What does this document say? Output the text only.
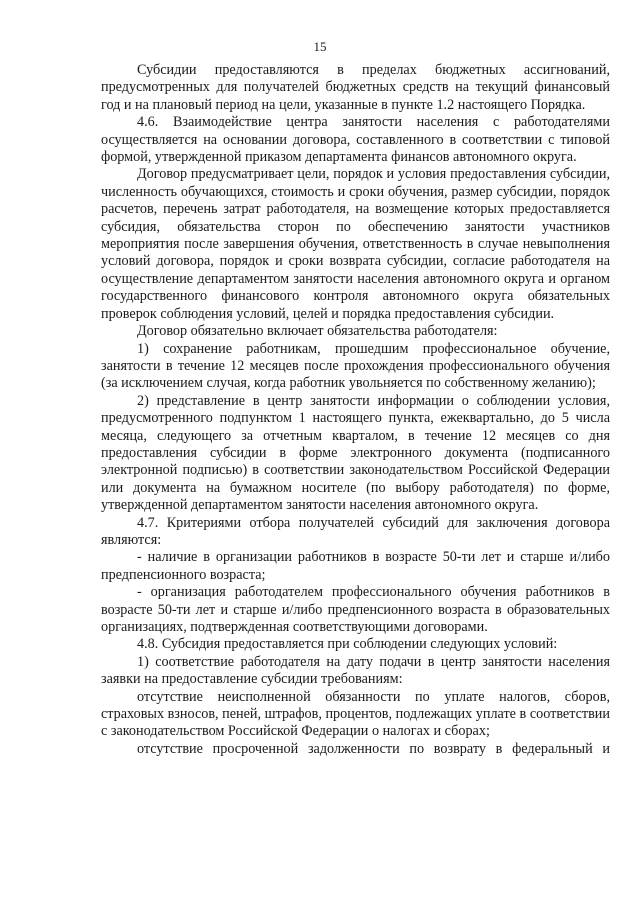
15

Субсидии предоставляются в пределах бюджетных ассигнований, предусмотренных для получателей бюджетных средств на текущий финансовый год и на плановый период на цели, указанные в пункте 1.2 настоящего Порядка.

4.6. Взаимодействие центра занятости населения с работодателями осуществляется на основании договора, составленного в соответствии с типовой формой, утвержденной приказом департамента финансов автономного округа.

Договор предусматривает цели, порядок и условия предоставления субсидии, численность обучающихся, стоимость и сроки обучения, размер субсидии, порядок расчетов, перечень затрат работодателя, на возмещение которых предоставляется субсидия, обязательства сторон по обеспечению занятости участников мероприятия после завершения обучения, ответственность в случае невыполнения условий договора, порядок и сроки возврата субсидии, согласие работодателя на осуществление департаментом занятости населения автономного округа и органом государственного финансового контроля автономного округа обязательных проверок соблюдения условий, целей и порядка предоставления субсидии.

Договор обязательно включает обязательства работодателя:

1) сохранение работникам, прошедшим профессиональное обучение, занятости в течение 12 месяцев после прохождения профессионального обучения (за исключением случая, когда работник увольняется по собственному желанию);

2) представление в центр занятости информации о соблюдении условия, предусмотренного подпунктом 1 настоящего пункта, ежеквартально, до 5 числа месяца, следующего за отчетным кварталом, в течение 12 месяцев со дня предоставления субсидии в форме электронного документа (подписанного электронной подписью) в соответствии законодательством Российской Федерации или документа на бумажном носителе (по выбору работодателя) по форме, утвержденной департаментом занятости населения автономного округа.

4.7. Критериями отбора получателей субсидий для заключения договора являются:

- наличие в организации работников в возрасте 50-ти лет и старше и/либо предпенсионного возраста;

- организация работодателем профессионального обучения работников в возрасте 50-ти лет и старше и/либо предпенсионного возраста в образовательных организациях, подтвержденная соответствующими договорами.

4.8. Субсидия предоставляется при соблюдении следующих условий:

1) соответствие работодателя на дату подачи в центр занятости населения заявки на предоставление субсидии требованиям:

отсутствие неисполненной обязанности по уплате налогов, сборов, страховых взносов, пеней, штрафов, процентов, подлежащих уплате в соответствии с законодательством Российской Федерации о налогах и сборах;

отсутствие просроченной задолженности по возврату в федеральный и
